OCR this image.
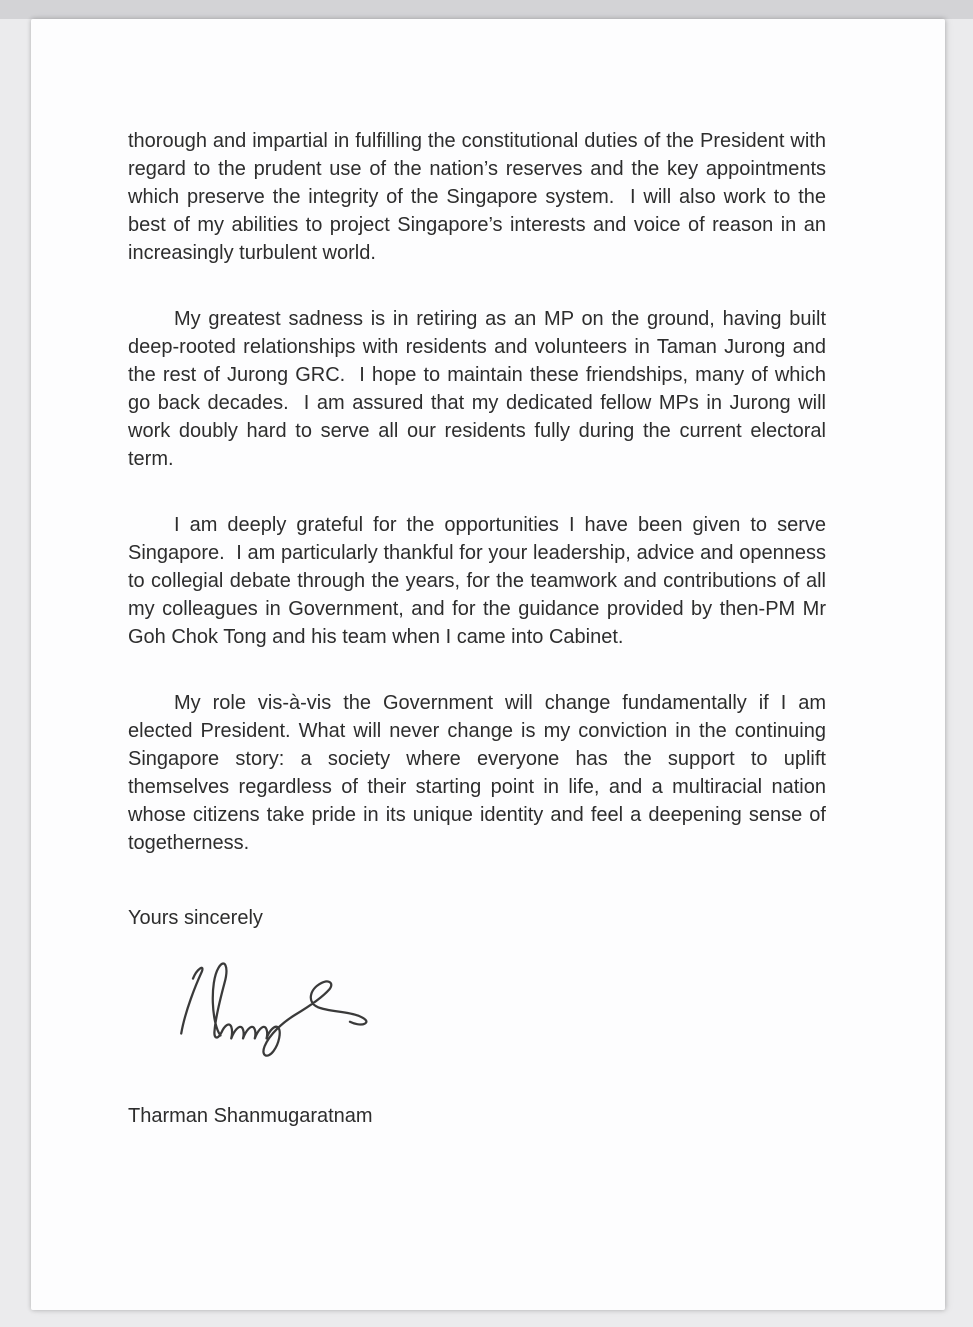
thorough and impartial in fulfilling the constitutional duties of the President with regard to the prudent use of the nation’s reserves and the key appointments which preserve the integrity of the Singapore system.  I will also work to the best of my abilities to project Singapore’s interests and voice of reason in an increasingly turbulent world.

My greatest sadness is in retiring as an MP on the ground, having built deep-rooted relationships with residents and volunteers in Taman Jurong and the rest of Jurong GRC.  I hope to maintain these friendships, many of which go back decades.  I am assured that my dedicated fellow MPs in Jurong will work doubly hard to serve all our residents fully during the current electoral term.

I am deeply grateful for the opportunities I have been given to serve Singapore.  I am particularly thankful for your leadership, advice and openness to collegial debate through the years, for the teamwork and contributions of all my colleagues in Government, and for the guidance provided by then-PM Mr Goh Chok Tong and his team when I came into Cabinet.

My role vis-à-vis the Government will change fundamentally if I am elected President. What will never change is my conviction in the continuing Singapore story: a society where everyone has the support to uplift themselves regardless of their starting point in life, and a multiracial nation whose citizens take pride in its unique identity and feel a deepening sense of togetherness.

Yours sincerely

Tharman Shanmugaratnam
